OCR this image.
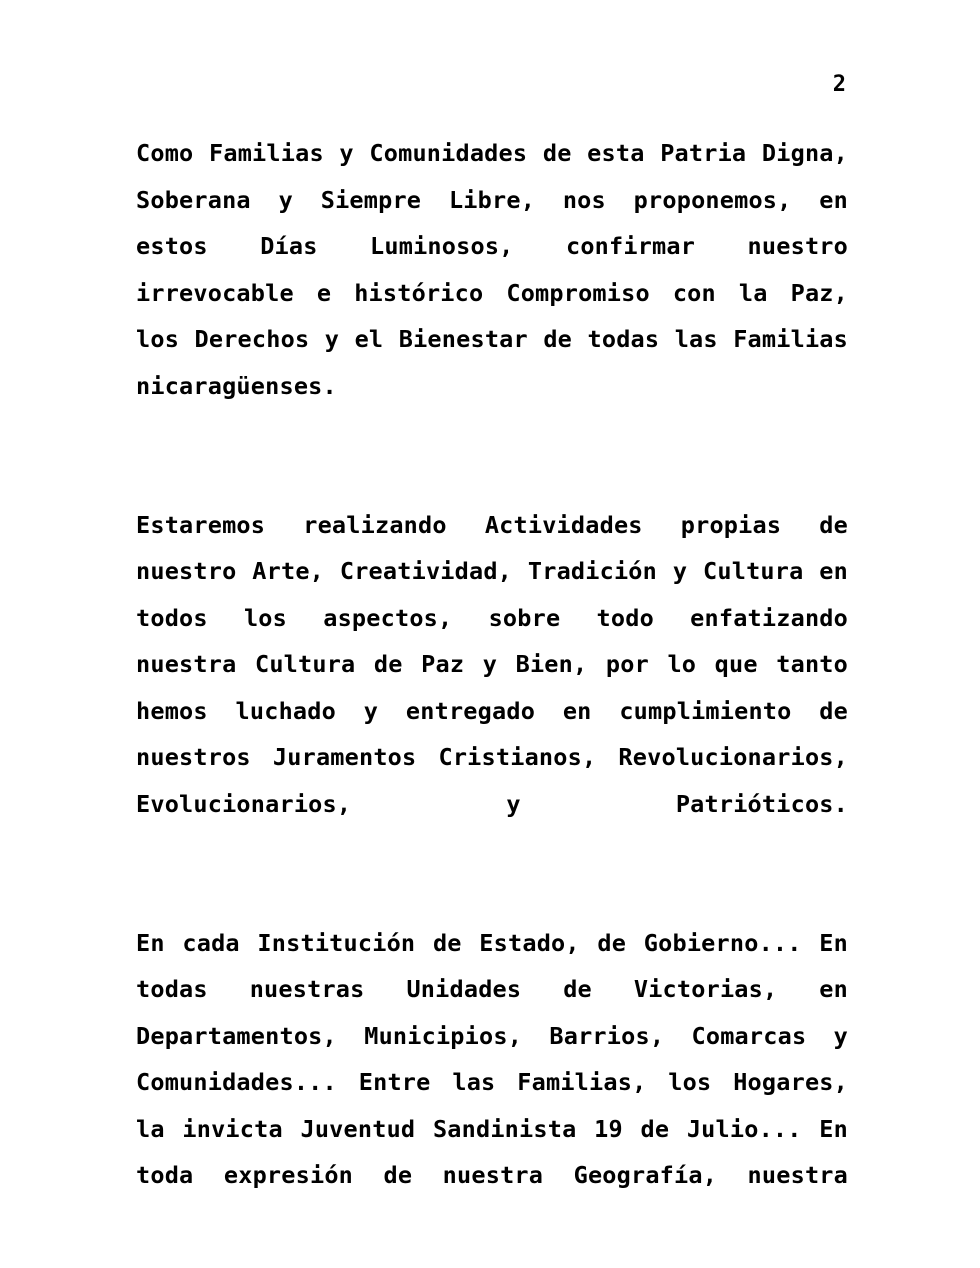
2

Como Familias y Comunidades de esta Patria Digna, Soberana y Siempre Libre, nos proponemos, en estos Días Luminosos, confirmar nuestro irrevocable e histórico Compromiso con la Paz, los Derechos y el Bienestar de todas las Familias nicaragüenses.

Estaremos realizando Actividades propias de nuestro Arte, Creatividad, Tradición y Cultura en todos los aspectos, sobre todo enfatizando nuestra Cultura de Paz y Bien, por lo que tanto hemos luchado y entregado en cumplimiento de nuestros Juramentos Cristianos, Revolucionarios, Evolucionarios, y Patrióticos.

En cada Institución de Estado, de Gobierno... En todas nuestras Unidades de Victorias, en Departamentos, Municipios, Barrios, Comarcas y Comunidades... Entre las Familias, los Hogares, la invicta Juventud Sandinista 19 de Julio... En toda expresión de nuestra Geografía, nuestra
